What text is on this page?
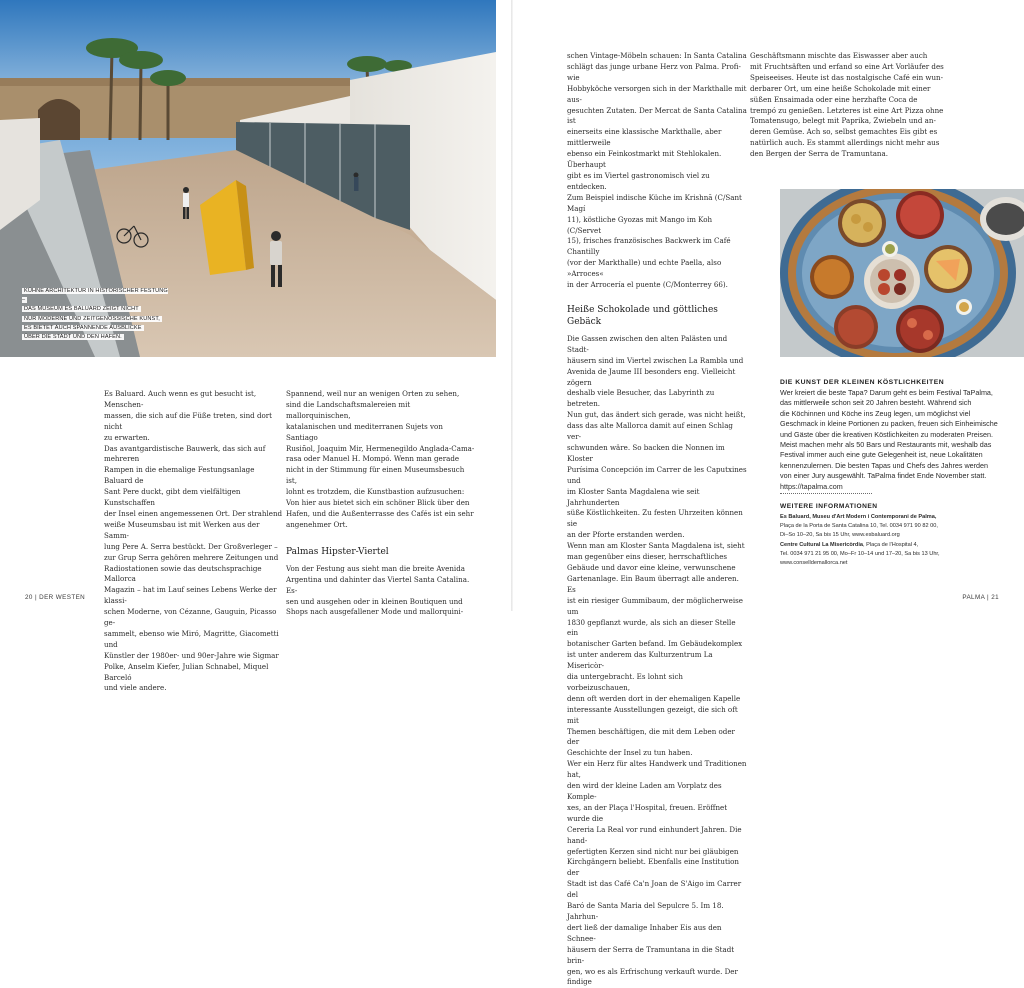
KÜHNE ARCHITEKTUR IN HISTORISCHER FESTUNG –
DAS MUSEUM ES BALUARD ZEIGT NICHT
NUR MODERNE UND ZEITGENÖSSISCHE KUNST,
ES BIETET AUCH SPANNENDE AUSBLICKE
ÜBER DIE STADT UND DEN HAFEN.

Es Baluard. Auch wenn es gut besucht ist, Menschen-

massen, die sich auf die Füße treten, sind dort nicht

zu erwarten.

Das avantgardistische Bauwerk, das sich auf mehreren

Rampen in die ehemalige Festungsanlage Baluard de

Sant Pere duckt, gibt dem vielfältigen Kunstschaffen

der Insel einen angemessenen Ort. Der strahlend

weiße Museumsbau ist mit Werken aus der Samm-

lung Pere A. Serra bestückt. Der Großverleger –

zur Grup Serra gehören mehrere Zeitungen und

Radiostationen sowie das deutschsprachige Mallorca

Magazin – hat im Lauf seines Lebens Werke der klassi-

schen Moderne, von Cézanne, Gauguin, Picasso ge-

sammelt, ebenso wie Miró, Magritte, Giacometti und

Künstler der 1980er- und 90er-Jahre wie Sigmar

Polke, Anselm Kiefer, Julian Schnabel, Miquel Barceló

und viele andere.

Spannend, weil nur an wenigen Orten zu sehen,

sind die Landschaftsmalereien mit mallorquinischen,

katalanischen und mediterranen Sujets von Santiago

Rusiñol, Joaquim Mir, Hermenegildo Anglada-Cama-

rasa oder Manuel H. Mompó. Wenn man gerade

nicht in der Stimmung für einen Museumsbesuch ist,

lohnt es trotzdem, die Kunstbastion aufzusuchen:

Von hier aus bietet sich ein schöner Blick über den

Hafen, und die Außenterrasse des Cafés ist ein sehr

angenehmer Ort.

Palmas Hipster-Viertel

Von der Festung aus sieht man die breite Avenida

Argentina und dahinter das Viertel Santa Catalina. Es-

sen und ausgehen oder in kleinen Boutiquen und

Shops nach ausgefallener Mode und mallorquini-

20 | DER WESTEN

schen Vintage-Möbeln schauen: In Santa Catalina

schlägt das junge urbane Herz von Palma. Profi- wie

Hobbyköche versorgen sich in der Markthalle mit aus-

gesuchten Zutaten. Der Mercat de Santa Catalina ist

einerseits eine klassische Markthalle, aber mittlerweile

ebenso ein Feinkostmarkt mit Stehlokalen. Überhaupt

gibt es im Viertel gastronomisch viel zu entdecken.

Zum Beispiel indische Küche im Krishnā (C/Sant Magí

11), köstliche Gyozas mit Mango im Koh (C/Servet

15), frisches französisches Backwerk im Café Chantilly

(vor der Markthalle) und echte Paella, also »Arroces«

in der Arrocería el puente (C/Monterrey 66).

Heiße Schokolade und göttliches Gebäck

Die Gassen zwischen den alten Palästen und Stadt-

häusern sind im Viertel zwischen La Rambla und

Avenida de Jaume III besonders eng. Vielleicht zögern

deshalb viele Besucher, das Labyrinth zu betreten.

Nun gut, das ändert sich gerade, was nicht heißt,

dass das alte Mallorca damit auf einen Schlag ver-

schwunden wäre. So backen die Nonnen im Kloster

Purísima Concepción im Carrer de les Caputxines und

im Kloster Santa Magdalena wie seit Jahrhunderten

süße Köstlichkeiten. Zu festen Uhrzeiten können sie

an der Pforte erstanden werden.

Wenn man am Kloster Santa Magdalena ist, sieht

man gegenüber eins dieser, herrschaftliches

Gebäude und davor eine kleine, verwunschene

Gartenanlage. Ein Baum überragt alle anderen. Es

ist ein riesiger Gummibaum, der möglicherweise um

1830 gepflanzt wurde, als sich an dieser Stelle ein

botanischer Garten befand. Im Gebäudekomplex

ist unter anderem das Kulturzentrum La Misericòr-

dia untergebracht. Es lohnt sich vorbeizuschauen,

denn oft werden dort in der ehemaligen Kapelle

interessante Ausstellungen gezeigt, die sich oft mit

Themen beschäftigen, die mit dem Leben oder der

Geschichte der Insel zu tun haben.

Wer ein Herz für altes Handwerk und Traditionen hat,

den wird der kleine Laden am Vorplatz des Komple-

xes, an der Plaça l'Hospital, freuen. Eröffnet wurde die

Cereria La Real vor rund einhundert Jahren. Die hand-

gefertigten Kerzen sind nicht nur bei gläubigen

Kirchgängern beliebt. Ebenfalls eine Institution der

Stadt ist das Café Ca'n Joan de S'Aigo im Carrer del

Baró de Santa Maria del Sepulcre 5. Im 18. Jahrhun-

dert ließ der damalige Inhaber Eis aus den Schnee-

häusern der Serra de Tramuntana in die Stadt brin-

gen, wo es als Erfrischung verkauft wurde. Der findige

Geschäftsmann mischte das Eiswasser aber auch

mit Fruchtsäften und erfand so eine Art Vorläufer des

Speiseeises. Heute ist das nostalgische Café ein wun-

derbarer Ort, um eine heiße Schokolade mit einer

süßen Ensaimada oder eine herzhafte Coca de

trempó zu genießen. Letzteres ist eine Art Pizza ohne

Tomatensugo, belegt mit Paprika, Zwiebeln und an-

deren Gemüse. Ach so, selbst gemachtes Eis gibt es

natürlich auch. Es stammt allerdings nicht mehr aus

den Bergen der Serra de Tramuntana.

DIE KUNST DER KLEINEN KÖSTLICHKEITEN
Wer kreiert die beste Tapa? Darum geht es beim Festival TaPalma,
das mittlerweile schon seit 20 Jahren besteht. Während sich
die Köchinnen und Köche ins Zeug legen, um möglichst viel
Geschmack in kleine Portionen zu packen, freuen sich Einheimische
und Gäste über die kreativen Köstlichkeiten zu moderaten Preisen.
Meist machen mehr als 50 Bars und Restaurants mit, weshalb das
Festival immer auch eine gute Gelegenheit ist, neue Lokalitäten
kennenzulernen. Die besten Tapas und Chefs des Jahres werden
von einer Jury ausgewählt. TaPalma findet Ende November statt.
https://tapalma.com
WEITERE INFORMATIONEN
Es Baluard, Museu d'Art Modern i Contemporani de Palma,
Plaça de la Porta de Santa Catalina 10, Tel. 0034 971 90 82 00,
Di–So 10–20, Sa bis 15 Uhr, www.esbaluard.org
Centre Cultural La Misericòrdia, Plaça de l'Hospital 4,
Tel. 0034 971 21 95 00, Mo–Fr 10–14 und 17–20, Sa bis 13 Uhr,
www.conselldemallorca.net
PALMA | 21
